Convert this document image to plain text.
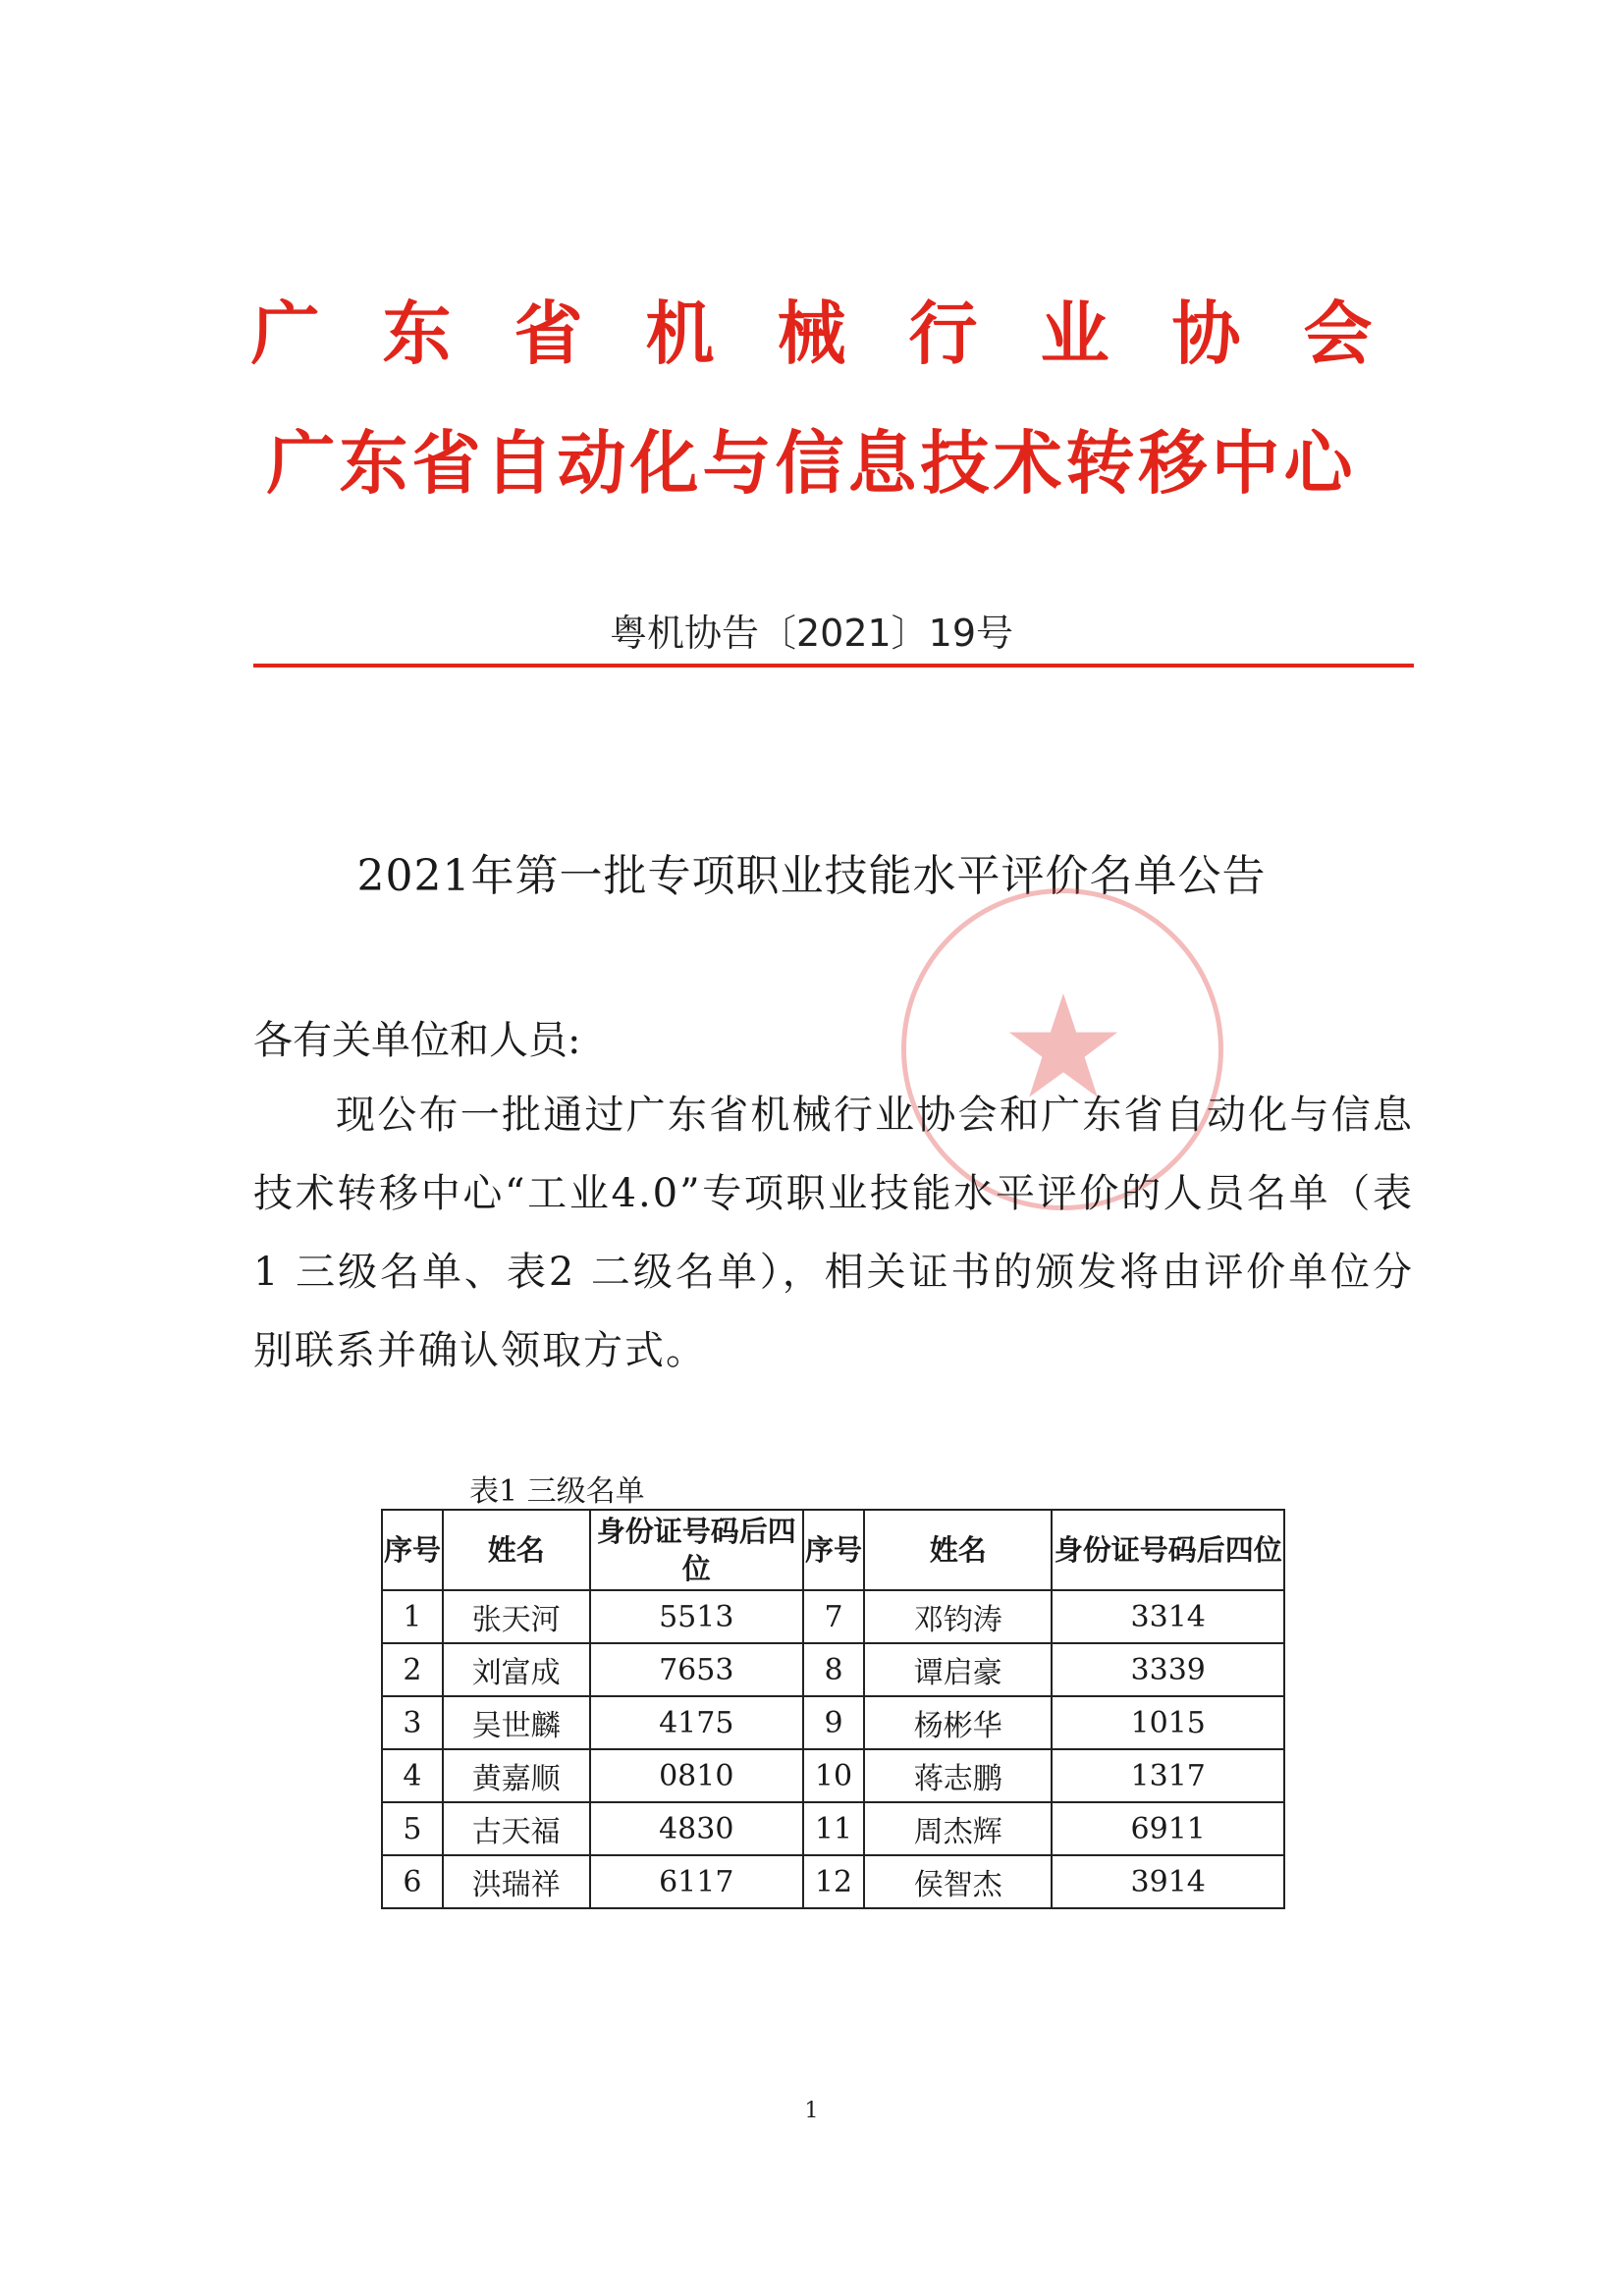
广东省机械行业协会
广东省自动化与信息技术转移中心
粤机协告〔2021〕19号
2021年第一批专项职业技能水平评价名单公告
各有关单位和人员:
现公布一批通过广东省机械行业协会和广东省自动化与信息技术转移中心“工业4.0”专项职业技能水平评价的人员名单（表1 三级名单、表2 二级名单），相关证书的颁发将由评价单位分别联系并确认领取方式。
表1 三级名单
序号	姓名	身份证号码后四位	序号	姓名	身份证号码后四位
1	张天河	5513	7	邓钧涛	3314
2	刘富成	7653	8	谭启豪	3339
3	吴世麟	4175	9	杨彬华	1015
4	黄嘉顺	0810	10	蒋志鹏	1317
5	古天福	4830	11	周杰辉	6911
6	洪瑞祥	6117	12	侯智杰	3914
1
